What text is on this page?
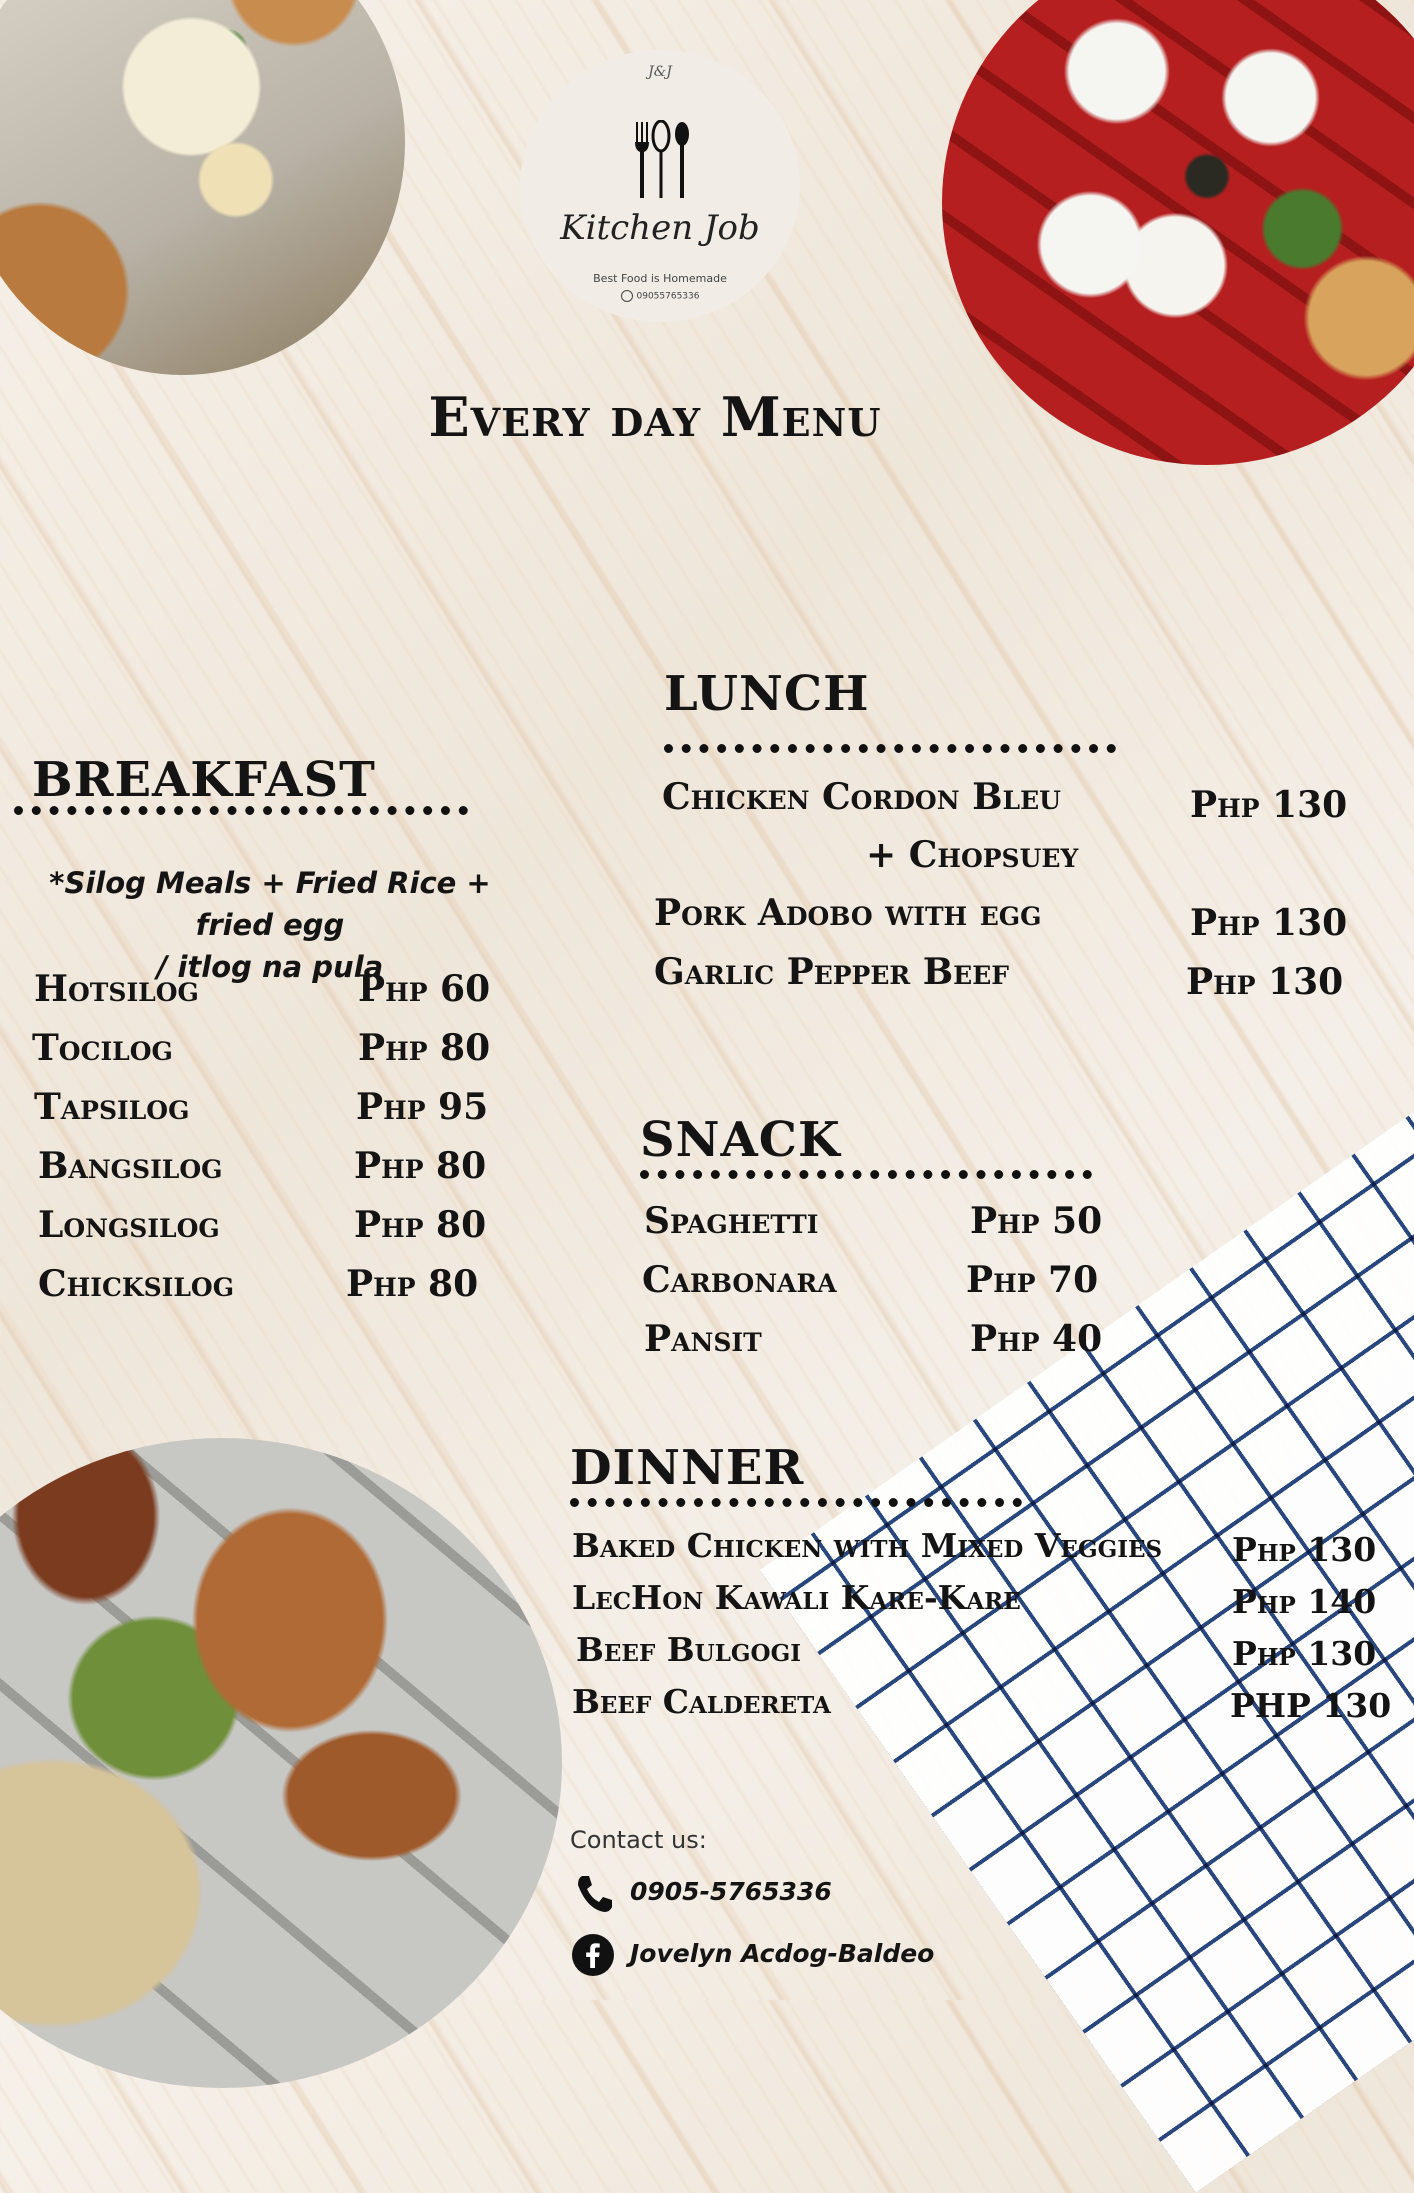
J&J
Kitchen Job
Best Food is Homemade
09055765336
Every day Menu
BREAKFAST
*Silog Meals + Fried Rice + fried egg
/ itlog na pula
Hotsilog	Php 60
Tocilog	Php 80
Tapsilog	Php 95
Bangsilog	Php 80
Longsilog	Php 80
Chicksilog	Php 80
LUNCH
Chicken Cordon Bleu
+ Chopsuey
Php 130
Pork Adobo with egg	Php 130
Garlic Pepper Beef	Php 130
SNACK
Spaghetti	Php 50
Carbonara	Php 70
Pansit	Php 40
DINNER
Baked Chicken with Mixed Veggies Php 130
LecHon Kawali Kare-Kare	Php 140
Beef Bulgogi	Php 130
Beef Caldereta	PHP 130
Contact us:
0905-5765336
Jovelyn Acdog-Baldeo
